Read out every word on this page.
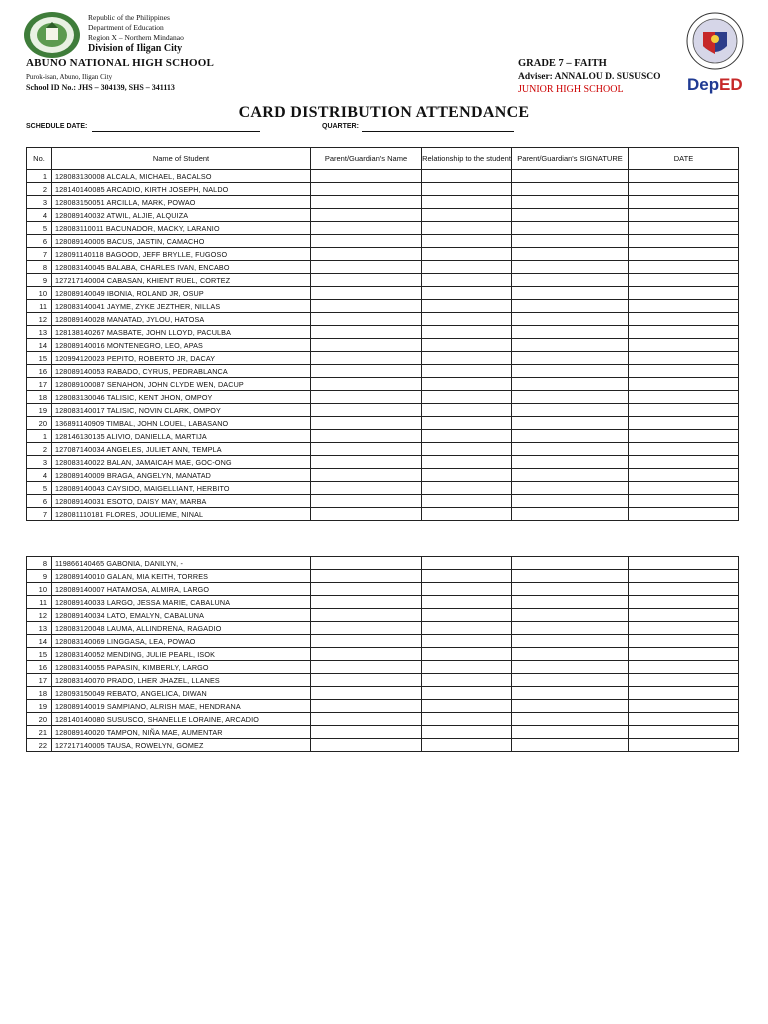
Republic of the Philippines
Department of Education
Region X – Northern Mindanao
Division of Iligan City
ABUNO NATIONAL HIGH SCHOOL
Purok-isan, Abuno, Iligan City
School ID No.: JHS – 304139, SHS – 341113
GRADE 7 – FAITH
Adviser: ANNALOU D. SUSUSCO
JUNIOR HIGH SCHOOL	Dep ED
CARD DISTRIBUTION ATTENDANCE
SCHEDULE DATE:	QUARTER:
No.	Name of Student	Parent/Guardian's Name	Relationship to the student	Parent/Guardian's SIGNATURE	DATE
1	128083130008 ALCALA, MICHAEL, BACALSO				
2	128140140085 ARCADIO, KIRTH JOSEPH, NALDO				
3	128083150051 ARCILLA, MARK, POWAO				
4	128089140032 ATWIL, ALJIE, ALQUIZA				
5	128083110011 BACUNADOR, MACKY, LARANIO				
6	128089140005 BACUS, JASTIN, CAMACHO				
7	128091140118 BAGOOD, JEFF BRYLLE, FUGOSO				
8	128083140045 BALABA, CHARLES IVAN, ENCABO				
9	127217140004 CABASAN, KHIENT RUEL, CORTEZ				
10	128089140049 IBONIA, ROLAND JR, OSUP				
11	128083140041 JAYME, ZYKE JEZTHER, NILLAS				
12	128089140028 MANATAD, JYLOU, HATOSA				
13	128138140267 MASBATE, JOHN LLOYD, PACULBA				
14	128089140016 MONTENEGRO, LEO, APAS				
15	120994120023 PEPITO, ROBERTO JR, DACAY				
16	128089140053 RABADO, CYRUS, PEDRABLANCA				
17	128089100087 SENAHON, JOHN CLYDE WEN, DACUP				
18	128083130046 TALISIC, KENT JHON, OMPOY				
19	128083140017 TALISIC, NOVIN CLARK, OMPOY				
20	136891140909 TIMBAL, JOHN LOUEL, LABASANO				
1	128146130135 ALIVIO, DANIELLA, MARTIJA				
2	127087140034 ANGELES, JULIET ANN, TEMPLA				
3	128083140022 BALAN, JAMAICAH MAE, GOC-ONG				
4	128089140009 BRAGA, ANGELYN, MANATAD				
5	128089140043 CAYSIDO, MAIGELLIANT, HERBITO				
6	128089140031 ESOTO, DAISY MAY, MARBA				
7	128081110181 FLORES, JOULIEME, NINAL				
8	119866140465 GABONIA, DANILYN, -				
9	128089140010 GALAN, MIA KEITH, TORRES				
10	128089140007 HATAMOSA, ALMIRA, LARGO				
11	128089140033 LARGO, JESSA MARIE, CABALUNA				
12	128089140034 LATO, EMALYN, CABALUNA				
13	128083120048 LAUMA, ALLINDRENA, RAGADIO				
14	128083140069 LINGGASA, LEA, POWAO				
15	128083140052 MENDING, JULIE PEARL, ISOK				
16	128083140055 PAPASIN, KIMBERLY, LARGO				
17	128083140070 PRADO, LHER JHAZEL, LLANES				
18	128093150049 REBATO, ANGELICA, DIWAN				
19	128089140019 SAMPIANO, ALRISH MAE, HENDRANA				
20	128140140080 SUSUSCO, SHANELLE LORAINE, ARCADIO				
21	128089140020 TAMPON, NIÑA MAE, AUMENTAR				
22	127217140005 TAUSA, ROWELYN, GOMEZ				
